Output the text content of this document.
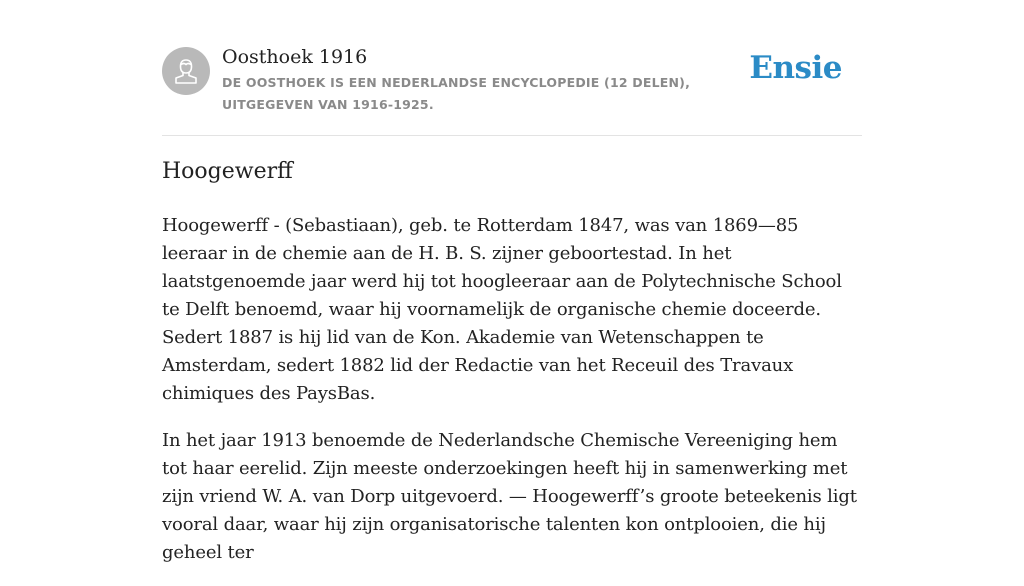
Oosthoek 1916
DE OOSTHOEK IS EEN NEDERLANDSE ENCYCLOPEDIE (12 DELEN), UITGEGEVEN VAN 1916-1925.
Ensie
Hoogewerff

Hoogewerff - (Sebastiaan), geb. te Rotterdam 1847, was van 1869—85 leeraar in de chemie aan de H. B. S. zijner geboortestad. In het laatstgenoemde jaar werd hij tot hoogleeraar aan de Polytechnische School te Delft benoemd, waar hij voornamelijk de organische chemie doceerde. Sedert 1887 is hij lid van de Kon. Akademie van Wetenschappen te Amsterdam, sedert 1882 lid der Redactie van het Receuil des Travaux chimiques des PaysBas.

In het jaar 1913 benoemde de Nederlandsche Chemische Vereeniging hem tot haar eerelid. Zijn meeste onderzoekingen heeft hij in samenwerking met zijn vriend W. A. van Dorp uitgevoerd. — Hoogewerff’s groote beteekenis ligt vooral daar, waar hij zijn organisatorische talenten kon ontplooien, die hij geheel ter
